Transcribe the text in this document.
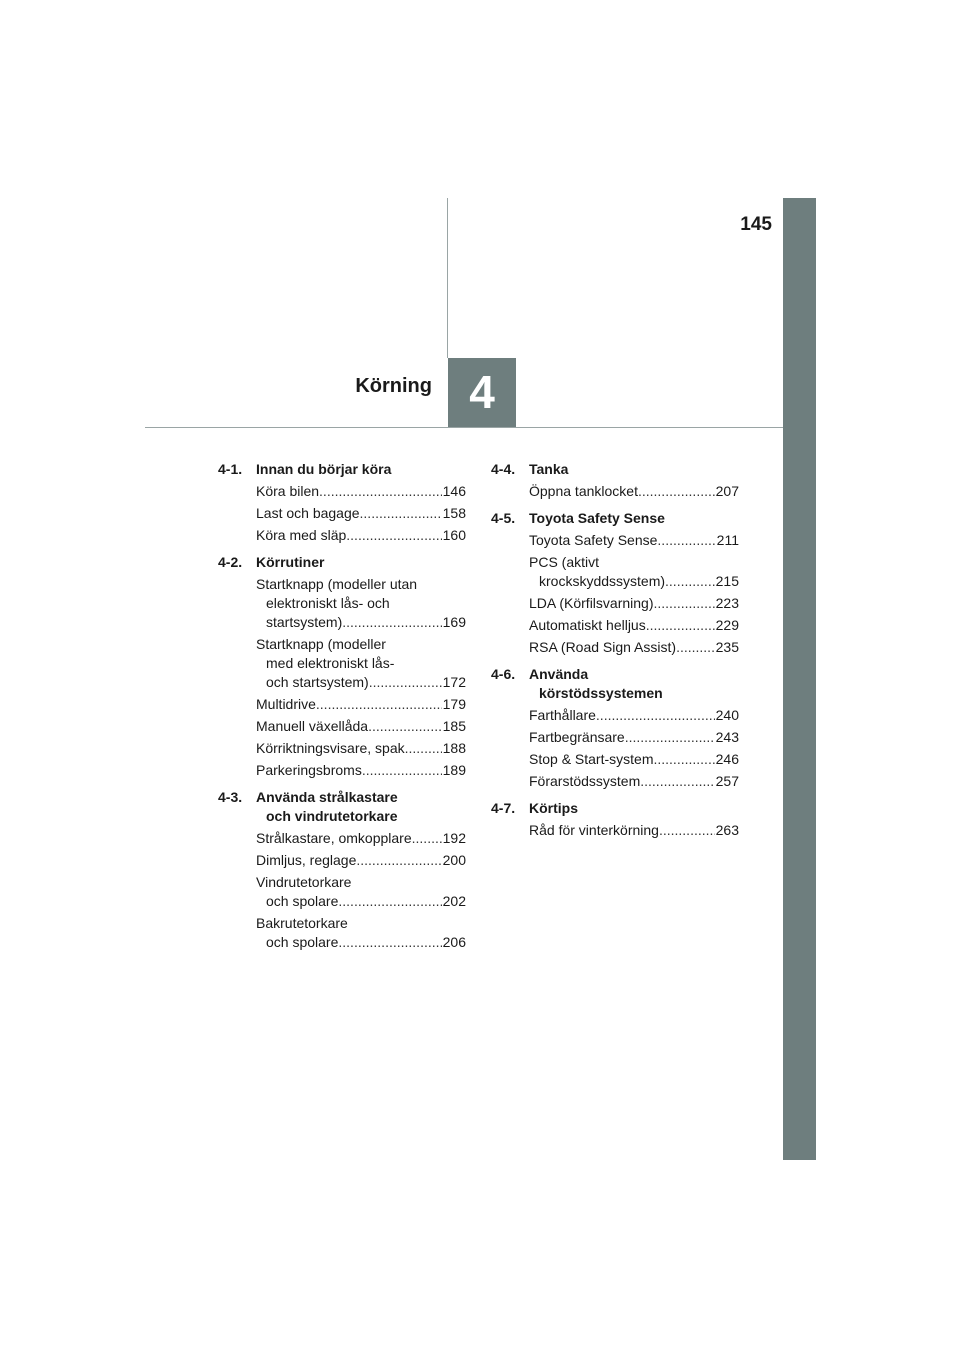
4
Körning
145
4-1. Innan du börjar köra
Köra bilen .....	146
Last och bagage .....	158
Köra med släp .....	160
4-2. Körrutiner
Startknapp (modeller utan
elektroniskt lås- och
startsystem) .....	169
Startknapp (modeller
med elektroniskt lås-
och startsystem) .....	172
Multidrive .....	179
Manuell växellåda .....	185
Körriktningsvisare, spak .....	188
Parkeringsbroms .....	189
4-3. Använda strålkastare
och vindrutetorkare
Strålkastare, omkopplare ..... 192
Dimljus, reglage .....	200
Vindrutetorkare
och spolare .....	202
Bakrutetorkare
och spolare .....	206
4-4. Tanka
Öppna tanklocket .....	207
4-5. Toyota Safety Sense
Toyota Safety Sense .....	211
PCS (aktivt
krockskyddssystem) .....	215
LDA (Körfilsvarning) .....	223
Automatiskt helljus .....	229
RSA (Road Sign Assist) .....	235
4-6. Använda
körstödssystemen
Farthållare .....	240
Fartbegränsare .....	243
Stop & Start-system .....	246
Förarstödssystem .....	257
4-7. Körtips
Råd för vinterkörning .....	263
